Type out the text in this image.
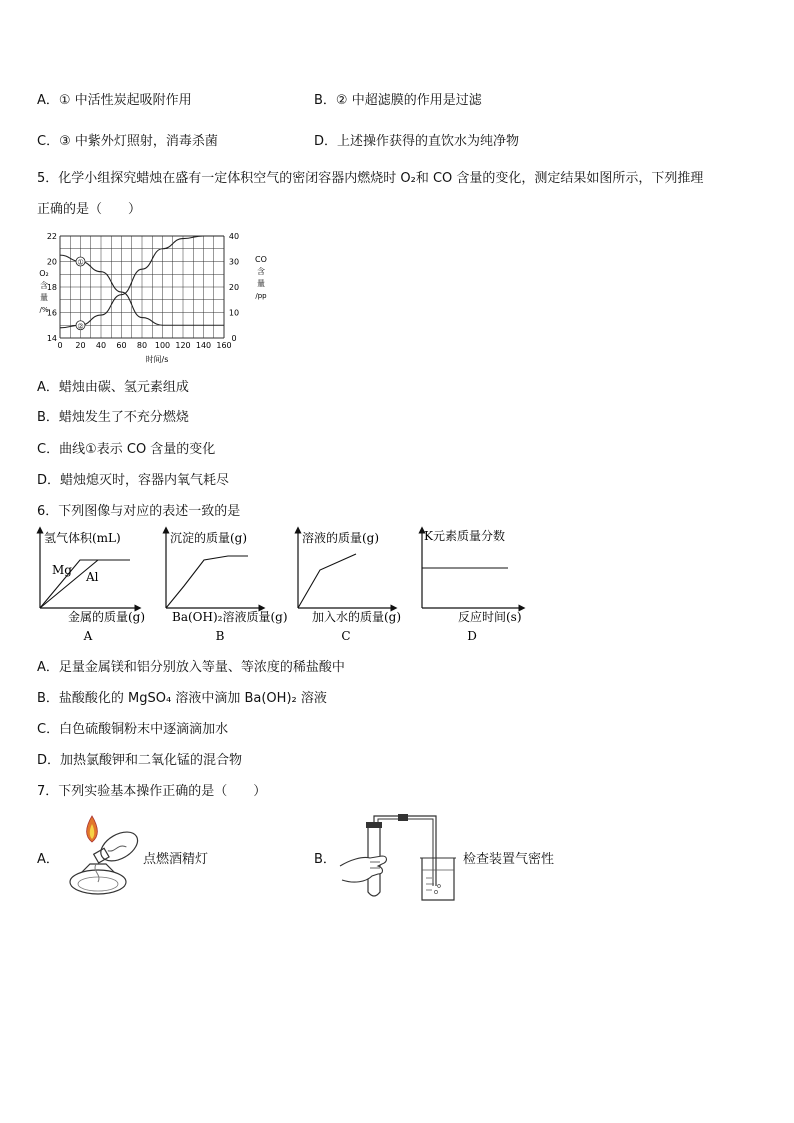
A．① 中活性炭起吸附作用	B．② 中超滤膜的作用是过滤
C．③ 中紫外灯照射，消毒杀菌	D．上述操作获得的直饮水为纯净物
5．化学小组探究蜡烛在盛有一定体积空气的密闭容器内燃烧时 O₂和 CO 含量的变化，测定结果如图所示，下列推理
正确的是（　　）
0 20 40 60 80 100 120 140 160
14
16
18
20
22
0
10
20
30
40
①
②
O₂
含
量
/%
CO
含
量
/pp
时间/s
A．蜡烛由碳、氢元素组成
B．蜡烛发生了不充分燃烧
C．曲线①表示 CO 含量的变化
D．蜡烛熄灭时，容器内氧气耗尽
6．下列图像与对应的表述一致的是
氢气体积(mL)
Mg Al
金属的质量(g)
A
沉淀的质量(g)
Ba(OH)₂溶液质量(g)
B
溶液的质量(g)
加入水的质量(g)
C
K元素质量分数
反应时间(s)
D
A．足量金属镁和铝分别放入等量、等浓度的稀盐酸中
B．盐酸酸化的 MgSO₄ 溶液中滴加 Ba(OH)₂ 溶液
C．白色硫酸铜粉末中逐滴滴加水
D．加热氯酸钾和二氧化锰的混合物
7．下列实验基本操作正确的是（　　）
A．	点燃酒精灯	B．	检查装置气密性
